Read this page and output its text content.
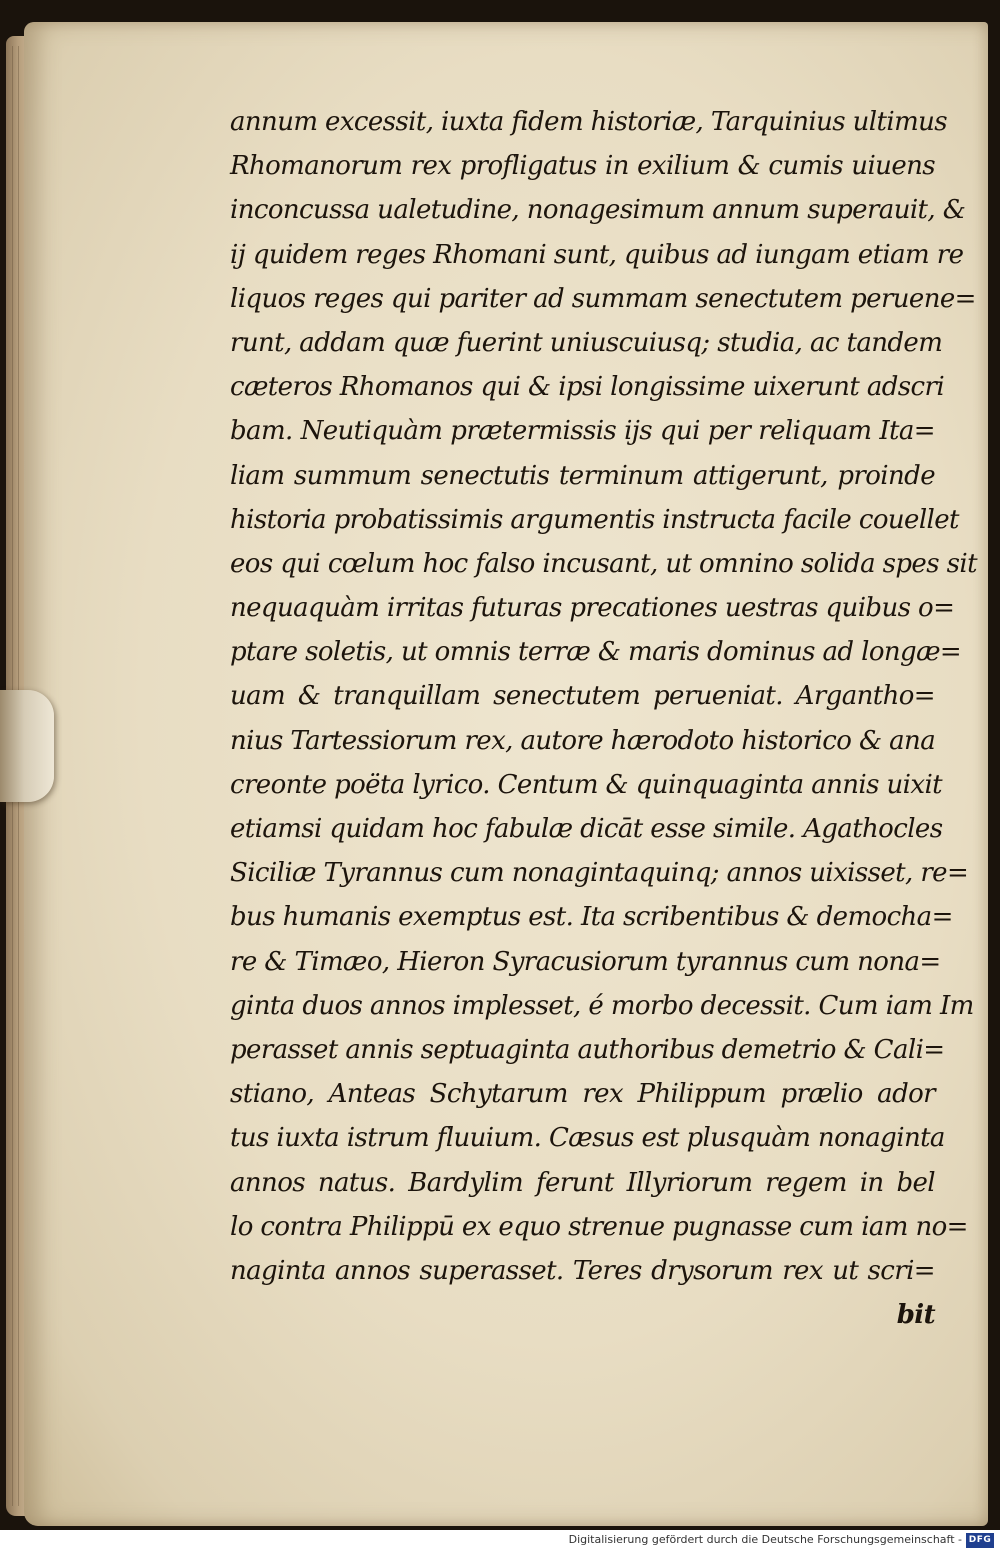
annum excessit, iuxta fidem historiæ, Tarquinius ultimus
Rhomanorum rex profligatus in exilium & cumis uiuens
inconcussa ualetudine, nonagesimum annum superauit, &
ij quidem reges Rhomani sunt, quibus ad iungam etiam re
liquos reges qui pariter ad summam senectutem peruene=
runt, addam quæ fuerint uniuscuiusq; studia, ac tandem
cæteros Rhomanos qui & ipsi longissime uixerunt adscri
bam. Neutiquàm prætermissis ijs qui per reliquam Ita=
liam summum senectutis terminum attigerunt, proinde
historia probatissimis argumentis instructa facile couellet
eos qui cœlum hoc falso incusant, ut omnino solida spes sit
nequaquàm irritas futuras precationes uestras quibus o=
ptare soletis, ut omnis terræ & maris dominus ad longæ=
uam & tranquillam senectutem perueniat. Argantho=
nius Tartessiorum rex, autore hærodoto historico & ana
creonte poëta lyrico. Centum & quinquaginta annis uixit
etiamsi quidam hoc fabulæ dicāt esse simile. Agathocles
Siciliæ Tyrannus cum nonagintaquinq; annos uixisset, re=
bus humanis exemptus est. Ita scribentibus & democha=
re & Timæo, Hieron Syracusiorum tyrannus cum nona=
ginta duos annos implesset, é morbo decessit. Cum iam Im
perasset annis septuaginta authoribus demetrio & Cali=
stiano, Anteas Schytarum rex Philippum prælio ador
tus iuxta istrum fluuium. Cæsus est plusquàm nonaginta
annos natus. Bardylim ferunt Illyriorum regem in bel
lo contra Philippū ex equo strenue pugnasse cum iam no=
naginta annos superasset. Teres drysorum rex ut scri=
bit
Digitalisierung gefördert durch die Deutsche Forschungsgemeinschaft - DFG
